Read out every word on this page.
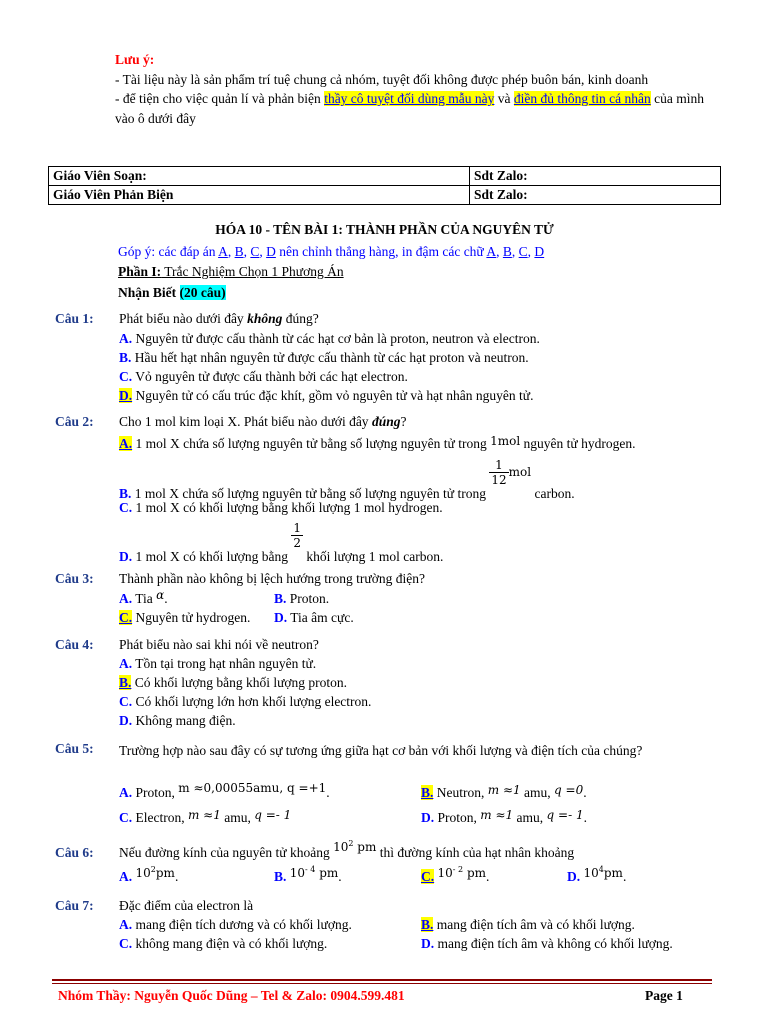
Lưu ý:
- Tài liệu này là sản phẩm trí tuệ chung cả nhóm, tuyệt đối không được phép buôn bán, kinh doanh
- để tiện cho việc quản lí và phản biện thầy cô tuyệt đối dùng mẫu này và điền đủ thông tin cá nhân của mình vào ô dưới đây
Giáo Viên Soạn:	Sdt Zalo:
Giáo Viên Phản Biện	Sdt Zalo:
HÓA 10 - TÊN BÀI 1: THÀNH PHẦN CỦA NGUYÊN TỬ
Góp ý: các đáp án A, B, C, D nên chỉnh thẳng hàng, in đậm các chữ A, B, C, D
Phần I: Trắc Nghiệm Chọn 1 Phương Án
Nhận Biết (20 câu)
Câu 1: Phát biểu nào dưới đây không đúng?
A. Nguyên tử được cấu thành từ các hạt cơ bản là proton, neutron và electron.
B. Hầu hết hạt nhân nguyên tử được cấu thành từ các hạt proton và neutron.
C. Vỏ nguyên tử được cấu thành bởi các hạt electron.
D. Nguyên tử có cấu trúc đặc khít, gồm vỏ nguyên tử và hạt nhân nguyên tử.
Câu 2: Cho 1 mol kim loại X. Phát biểu nào dưới đây đúng?
A. 1 mol X chứa số lượng nguyên tử bằng số lượng nguyên tử trong 1mol nguyên tử hydrogen.
B. 1 mol X chứa số lượng nguyên tử bằng số lượng nguyên tử trong
$\frac{1}{12}$ mol carbon.
C. 1 mol X có khối lượng bằng khối lượng 1 mol hydrogen.
D. 1 mol X có khối lượng bằng
$\frac{1}{2}$
khối lượng 1 mol carbon.
Câu 3: Thành phần nào không bị lệch hướng trong trường điện?
A. Tia α.	B. Proton.
C. Nguyên tử hydrogen. D. Tia âm cực.
Câu 4: Phát biểu nào sai khi nói về neutron?
A. Tồn tại trong hạt nhân nguyên tử.
B. Có khối lượng bằng khối lượng proton.
C. Có khối lượng lớn hơn khối lượng electron.
D. Không mang điện.
Câu 5: Trường hợp nào sau đây có sự tương ứng giữa hạt cơ bản với khối lượng và điện tích của chúng?
A. Proton, m ≈0,00055amu, q =+1.	B. Neutron, m ≈1 amu, q =0.
C. Electron, m ≈1 amu, q =- 1	D. Proton, m ≈1 amu, q =- 1.
Câu 6: Nếu đường kính của nguyên tử khoảng $10^2$ pm thì đường kính của hạt nhân khoảng
A. $10^2pm$.	B. $10^{- 4}$ pm.	C. $10^{- 2}$ pm.	D. $10^4pm$.
Câu 7: Đặc điểm của electron là
A. mang điện tích dương và có khối lượng.	B. mang điện tích âm và có khối lượng.
C. không mang điện và có khối lượng.	D. mang điện tích âm và không có khối lượng.
Nhóm Thầy: Nguyễn Quốc Dũng – Tel & Zalo: 0904.599.481	Page 1
